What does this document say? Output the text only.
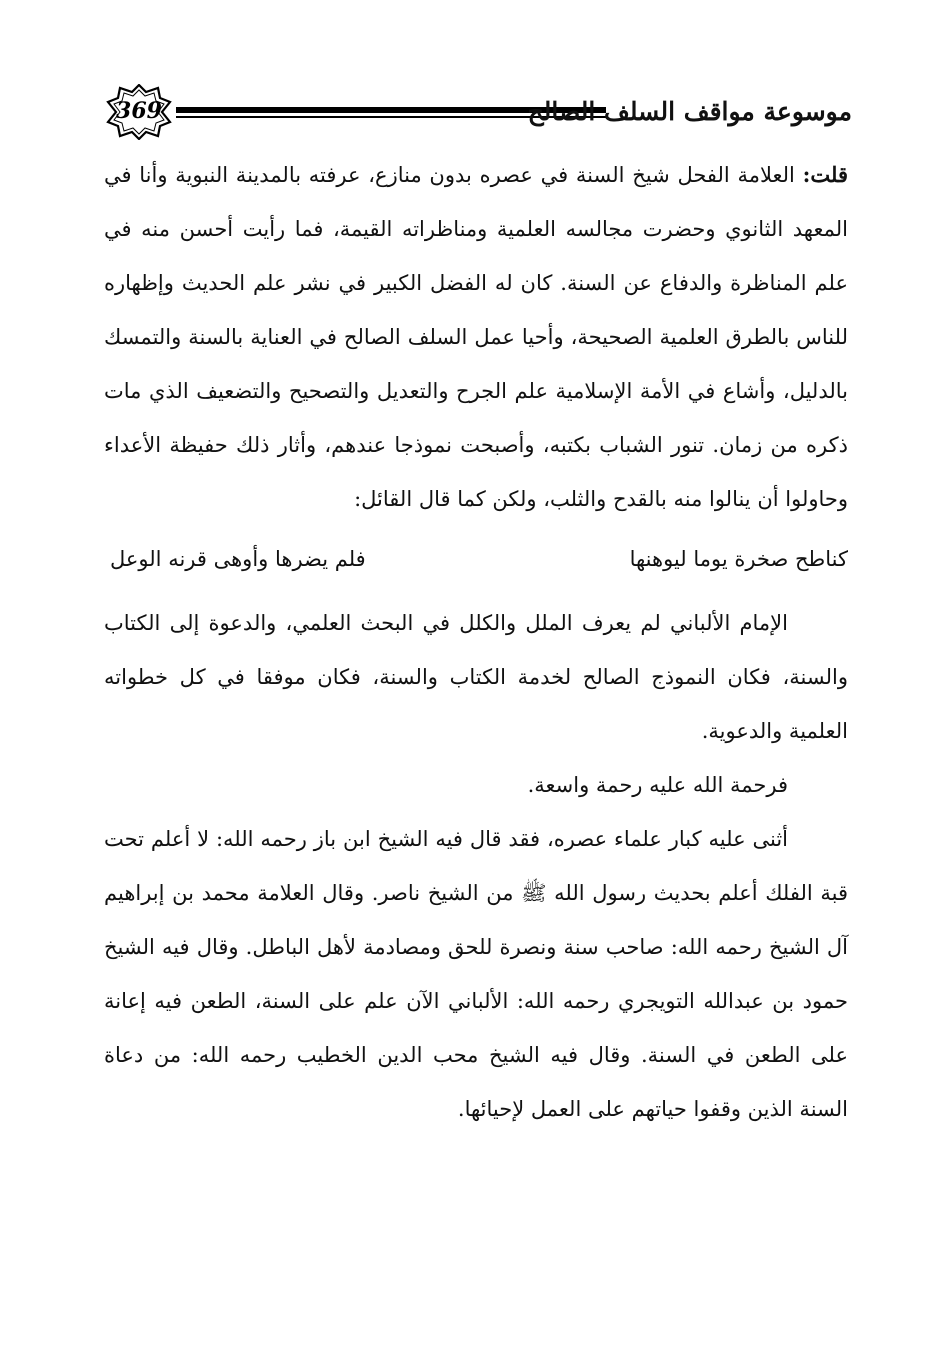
369	موسوعة مواقف السلف الصالح

قلت: العلامة الفحل شيخ السنة في عصره بدون منازع، عرفته بالمدينة النبوية وأنا في المعهد الثانوي وحضرت مجالسه العلمية ومناظراته القيمة، فما رأيت أحسن منه في علم المناظرة والدفاع عن السنة. كان له الفضل الكبير في نشر علم الحديث وإظهاره للناس بالطرق العلمية الصحيحة، وأحيا عمل السلف الصالح في العناية بالسنة والتمسك بالدليل، وأشاع في الأمة الإسلامية علم الجرح والتعديل والتصحيح والتضعيف الذي مات ذكره من زمان. تنور الشباب بكتبه، وأصبحت نموذجا عندهم، وأثار ذلك حفيظة الأعداء وحاولوا أن ينالوا منه بالقدح والثلب، ولكن كما قال القائل:

كناطح صخرة يوما ليوهنها
فلم يضرها وأوهى قرنه الوعل

الإمام الألباني لم يعرف الملل والكلل في البحث العلمي، والدعوة إلى الكتاب والسنة، فكان النموذج الصالح لخدمة الكتاب والسنة، فكان موفقا في كل خطواته العلمية والدعوية.

فرحمة الله عليه رحمة واسعة.

أثنى عليه كبار علماء عصره، فقد قال فيه الشيخ ابن باز رحمه الله: لا أعلم تحت قبة الفلك أعلم بحديث رسول الله ﷺ من الشيخ ناصر. وقال العلامة محمد بن إبراهيم آل الشيخ رحمه الله: صاحب سنة ونصرة للحق ومصادمة لأهل الباطل. وقال فيه الشيخ حمود بن عبدالله التويجري رحمه الله: الألباني الآن علم على السنة، الطعن فيه إعانة على الطعن في السنة. وقال فيه الشيخ محب الدين الخطيب رحمه الله: من دعاة السنة الذين وقفوا حياتهم على العمل لإحيائها.
